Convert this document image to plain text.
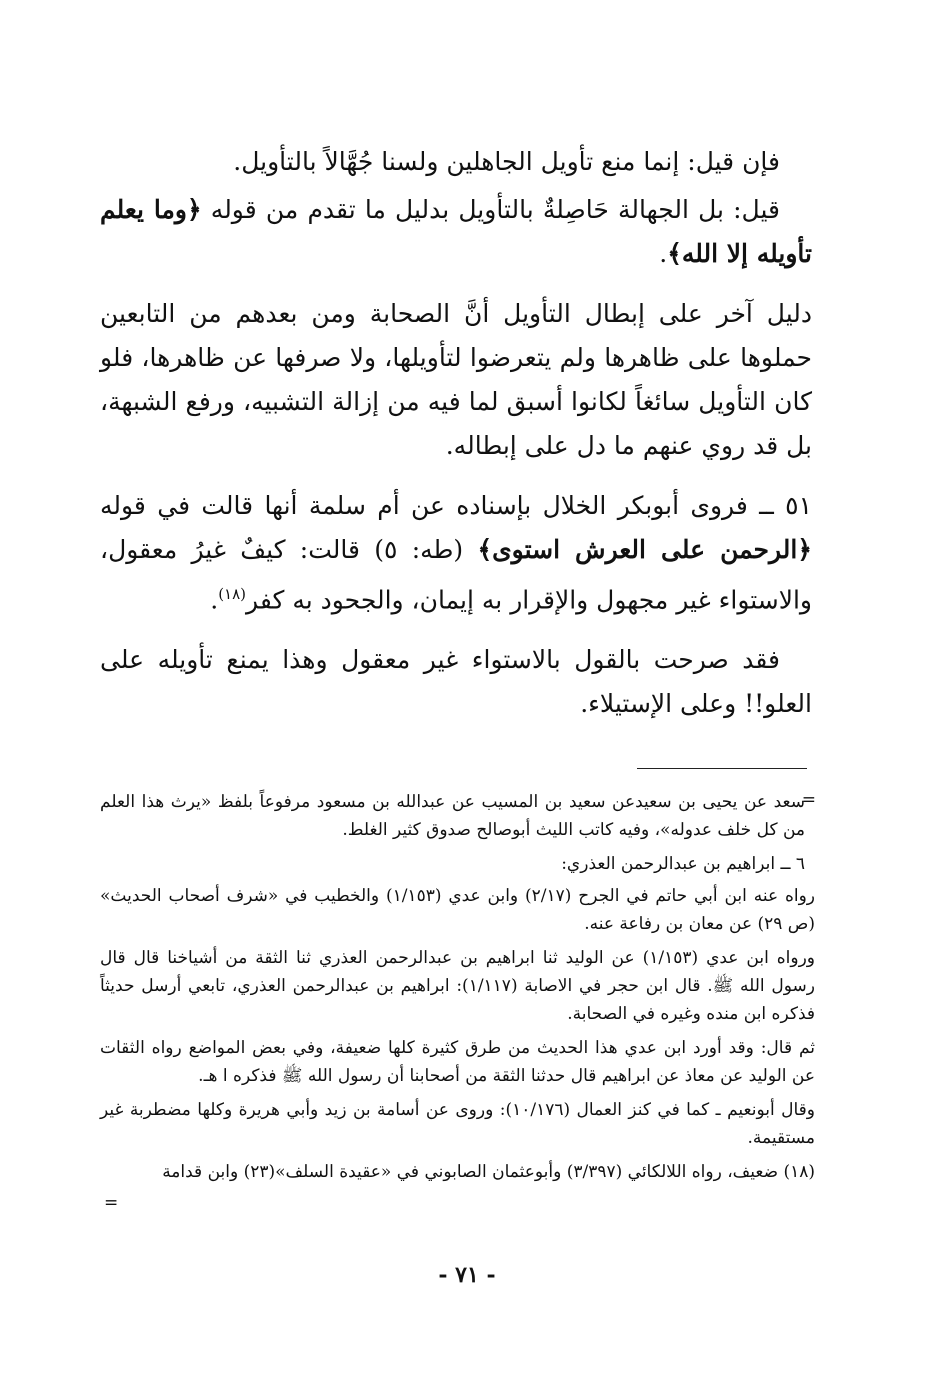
فإن قيل: إنما منع تأويل الجاهلين ولسنا جُهَّالاً بالتأويل.

قيل: بل الجهالة حَاصِلةٌ بالتأويل بدليل ما تقدم من قوله ﴿وما يعلم تأويله إلا الله﴾.

دليل آخر على إبطال التأويل أنَّ الصحابة ومن بعدهم من التابعين حملوها على ظاهرها ولم يتعرضوا لتأويلها، ولا صرفها عن ظاهرها، فلو كان التأويل سائغاً لكانوا أسبق لما فيه من إزالة التشبيه، ورفع الشبهة، بل قد روي عنهم ما دل على إبطاله.

٥١ ــ فروى أبوبكر الخلال بإسناده عن أم سلمة أنها قالت في قوله ﴿الرحمن على العرش استوى﴾ (طه: ٥) قالت: كيفٌ غيرُ معقول، والاستواء غير مجهول والإقرار به إيمان، والجحود به كفر$^{(١٨)}$.

فقد صرحت بالقول بالاستواء غير معقول وهذا يمنع تأويله على العلو!! وعلى الإستيلاء.

=

سعد عن يحيى بن سعيدعن سعيد بن المسيب عن عبدالله بن مسعود مرفوعاً بلفظ «يرث هذا العلم من كل خلف عدوله»، وفيه كاتب الليث أبوصالح صدوق كثير الغلط.

٦ ــ ابراهيم بن عبدالرحمن العذري:

رواه عنه ابن أبي حاتم في الجرح (٢/١٧) وابن عدي (١/١٥٣) والخطيب في «شرف أصحاب الحديث» (ص ٢٩) عن معان بن رفاعة عنه.

ورواه ابن عدي (١/١٥٣) عن الوليد ثنا ابراهيم بن عبدالرحمن العذري ثنا الثقة من أشياخنا قال قال رسول الله ﷺ. قال ابن حجر في الاصابة (١/١١٧): ابراهيم بن عبدالرحمن العذري، تابعي أرسل حديثاً فذكره ابن منده وغيره في الصحابة.

ثم قال: وقد أورد ابن عدي هذا الحديث من طرق كثيرة كلها ضعيفة، وفي بعض المواضع رواه الثقات عن الوليد عن معاذ عن ابراهيم قال حدثنا الثقة من أصحابنا أن رسول الله ﷺ فذكره ا هـ.

وقال أبونعيم ـ كما في كنز العمال (١٠/١٧٦): وروى عن أسامة بن زيد وأبي هريرة وكلها مضطربة غير مستقيمة.

(١٨) ضعيف، رواه اللالكائي (٣/٣٩٧) وأبوعثمان الصابوني في «عقيدة السلف»(٢٣) وابن قدامة

=
- ٧١ -
